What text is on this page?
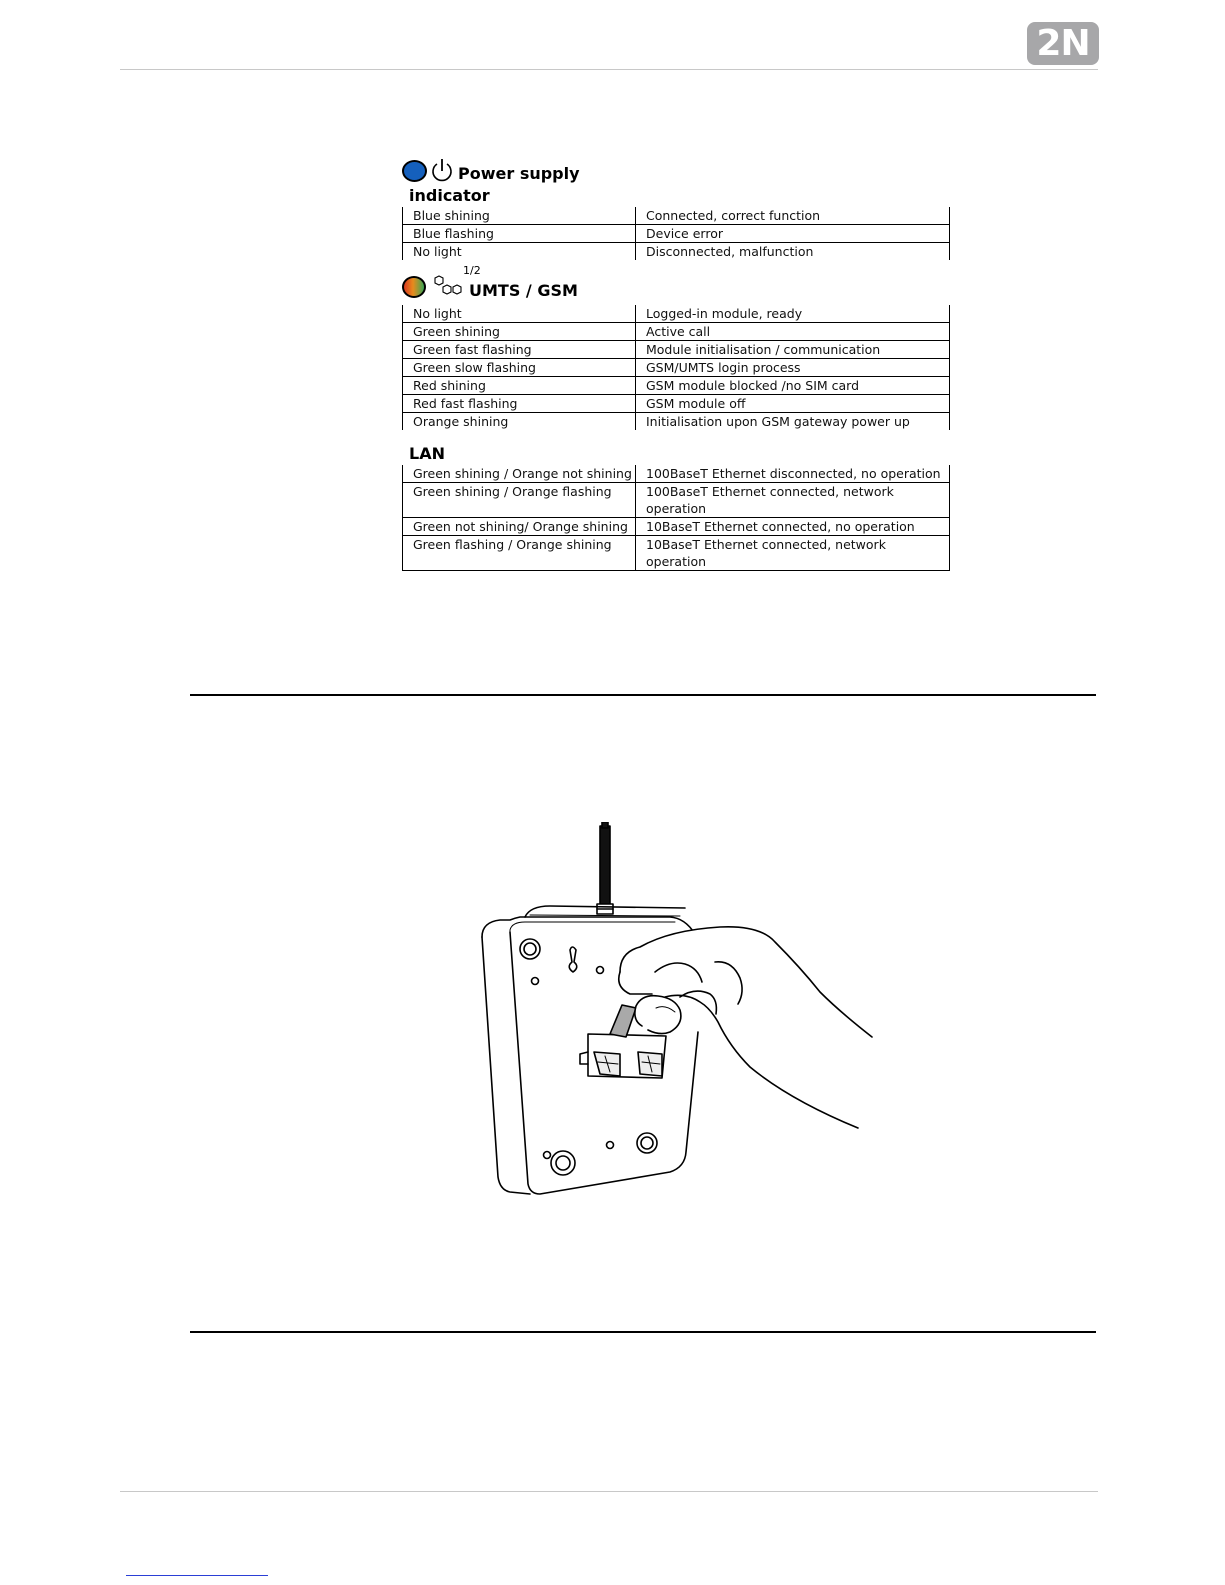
2N
Power supply
indicator
Blue shining	Connected, correct function
Blue flashing	Device error
No light	Disconnected, malfunction
1/2
UMTS / GSM
No light	Logged-in module, ready
Green shining	Active call
Green fast flashing	Module initialisation / communication
Green slow flashing	GSM/UMTS login process
Red shining	GSM module blocked /no SIM card
Red fast flashing	GSM module off
Orange shining	Initialisation upon GSM gateway power up
LAN
Green shining / Orange not shining	100BaseT Ethernet disconnected, no operation
Green shining / Orange flashing	100BaseT Ethernet connected, network operation
Green not shining/ Orange shining	10BaseT Ethernet connected, no operation
Green flashing / Orange shining	10BaseT Ethernet connected, network operation
